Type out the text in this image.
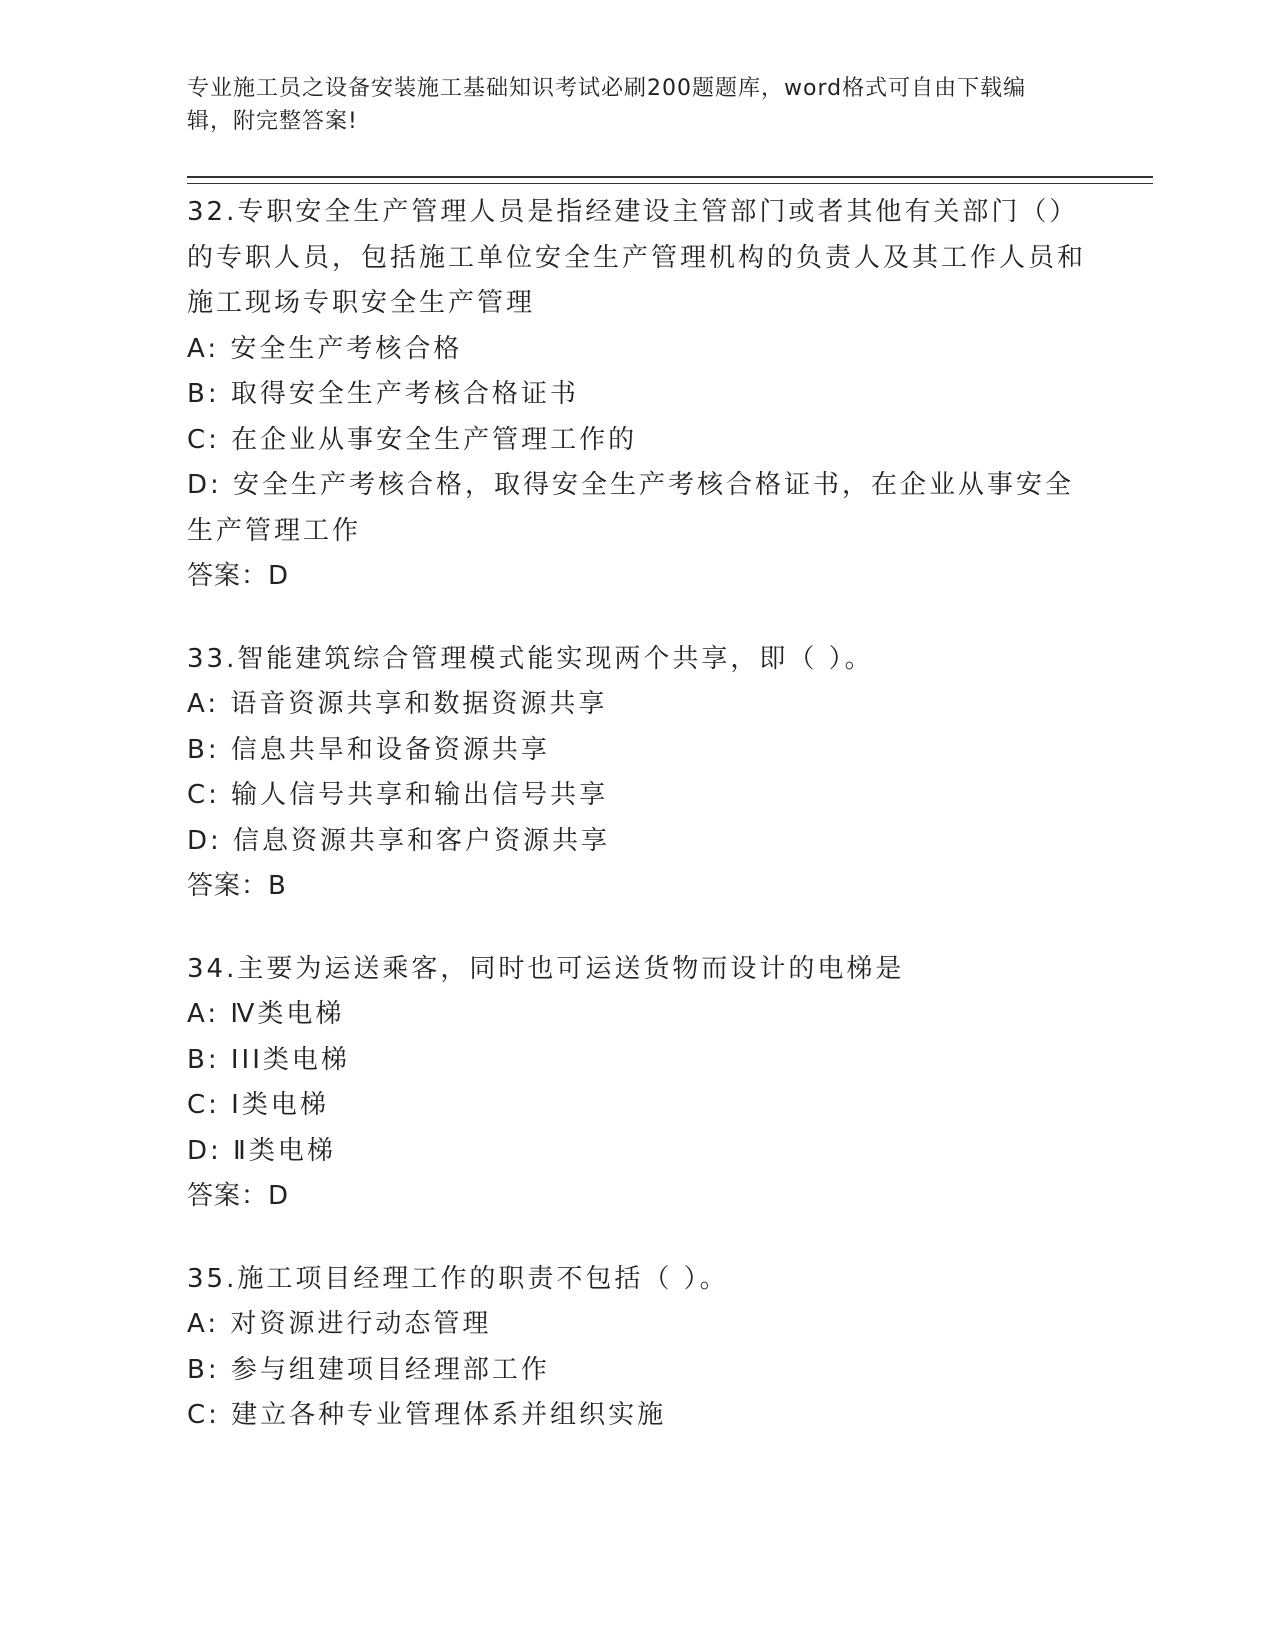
专业施工员之设备安装施工基础知识考试必刷200题题库，word格式可自由下载编辑，附完整答案!
32.专职安全生产管理人员是指经建设主管部门或者其他有关部门（）的专职人员，包括施工单位安全生产管理机构的负责人及其工作人员和施工现场专职安全生产管理
A: 安全生产考核合格
B: 取得安全生产考核合格证书
C: 在企业从事安全生产管理工作的
D: 安全生产考核合格，取得安全生产考核合格证书，在企业从事安全生产管理工作
答案：D
33.智能建筑综合管理模式能实现两个共享，即（ ）。
A: 语音资源共享和数据资源共享
B: 信息共旱和设备资源共享
C: 输人信号共享和输出信号共享
D: 信息资源共享和客户资源共享
答案：B
34.主要为运送乘客，同时也可运送货物而设计的电梯是
A: Ⅳ类电梯
B: III类电梯
C: Ⅰ类电梯
D: Ⅱ类电梯
答案：D
35.施工项目经理工作的职责不包括（ ）。
A: 对资源进行动态管理
B: 参与组建项目经理部工作
C: 建立各种专业管理体系并组织实施
